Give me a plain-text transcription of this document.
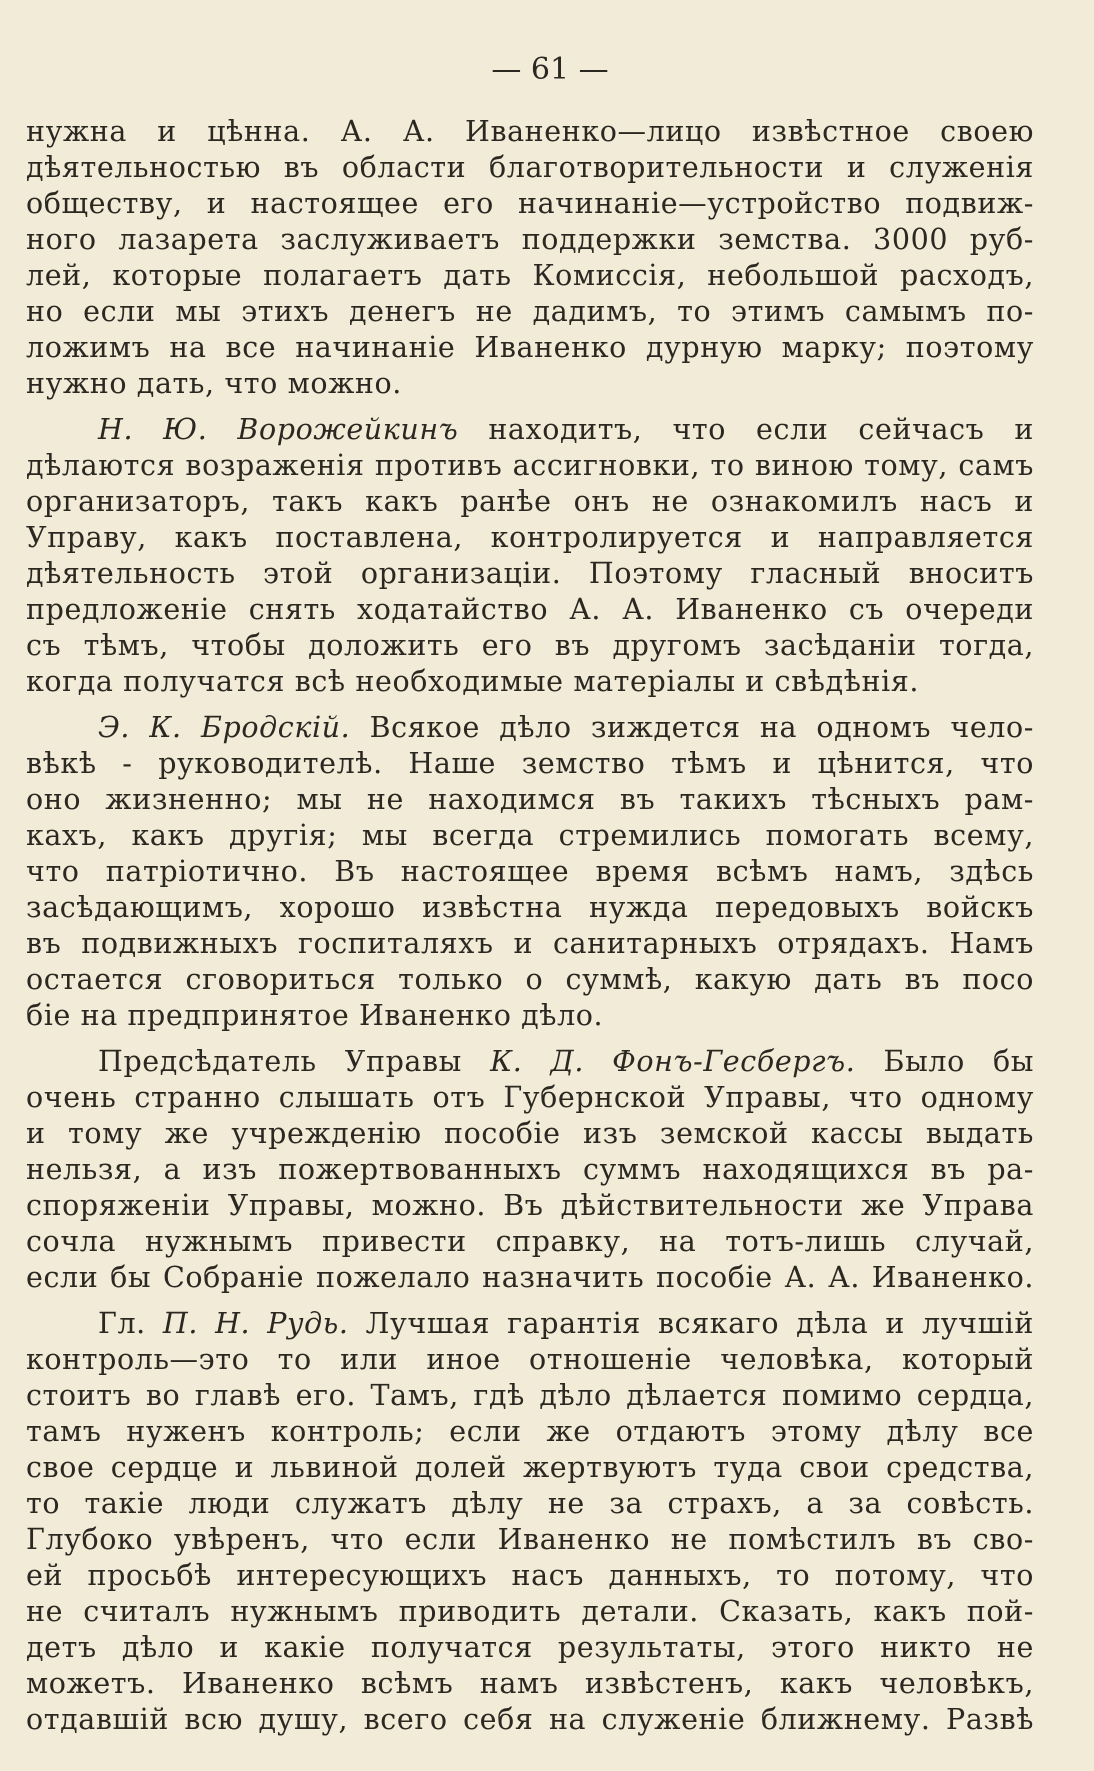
— 61 —
нужна и цѣнна. А. А. Иваненко—лицо извѣстное своею
дѣятельностью въ области благотворительности и служенія
обществу, и настоящее его начинаніе—устройство подвиж-
ного лазарета заслуживаетъ поддержки земства. 3000 руб-
лей, которые полагаетъ дать Комиссія, небольшой расходъ,
но если мы этихъ денегъ не дадимъ, то этимъ самымъ по-
ложимъ на все начинаніе Иваненко дурную марку; поэтому
нужно дать, что можно.
Н. Ю. Ворожейкинъ находитъ, что если сейчасъ и
дѣлаются возраженія противъ ассигновки, то виною тому, самъ
организаторъ, такъ какъ ранѣе онъ не ознакомилъ насъ и
Управу, какъ поставлена, контролируется и направляется
дѣятельность этой организаціи. Поэтому гласный вноситъ
предложеніе снять ходатайство А. А. Иваненко съ очереди
съ тѣмъ, чтобы доложить его въ другомъ засѣданіи тогда,
когда получатся всѣ необходимые матеріалы и свѣдѣнія.
Э. К. Бродскій. Всякое дѣло зиждется на одномъ чело-
вѣкѣ - руководителѣ. Наше земство тѣмъ и цѣнится, что
оно жизненно; мы не находимся въ такихъ тѣсныхъ рам-
кахъ, какъ другія; мы всегда стремились помогать всему,
что патріотично. Въ настоящее время всѣмъ намъ, здѣсь
засѣдающимъ, хорошо извѣстна нужда передовыхъ войскъ
въ подвижныхъ госпиталяхъ и санитарныхъ отрядахъ. Намъ
остается сговориться только о суммѣ, какую дать въ посо
біе на предпринятое Иваненко дѣло.
Предсѣдатель Управы К. Д. Фонъ-Гесбергъ. Было бы
очень странно слышать отъ Губернской Управы, что одному
и тому же учрежденію пособіе изъ земской кассы выдать
нельзя, а изъ пожертвованныхъ суммъ находящихся въ ра-
споряженіи Управы, можно. Въ дѣйствительности же Управа
сочла нужнымъ привести справку, на тотъ-лишь случай,
если бы Собраніе пожелало назначить пособіе А. А. Иваненко.
Гл. П. Н. Рудь. Лучшая гарантія всякаго дѣла и лучшій
контроль—это то или иное отношеніе человѣка, который
стоитъ во главѣ его. Тамъ, гдѣ дѣло дѣлается помимо сердца,
тамъ нуженъ контроль; если же отдаютъ этому дѣлу все
свое сердце и львиной долей жертвуютъ туда свои средства,
то такіе люди служатъ дѣлу не за страхъ, а за совѣсть.
Глубоко увѣренъ, что если Иваненко не помѣстилъ въ сво-
ей просьбѣ интересующихъ насъ данныхъ, то потому, что
не считалъ нужнымъ приводить детали. Сказать, какъ пой-
детъ дѣло и какіе получатся результаты, этого никто не
можетъ. Иваненко всѣмъ намъ извѣстенъ, какъ человѣкъ,
отдавшій всю душу, всего себя на служеніе ближнему. Развѣ
